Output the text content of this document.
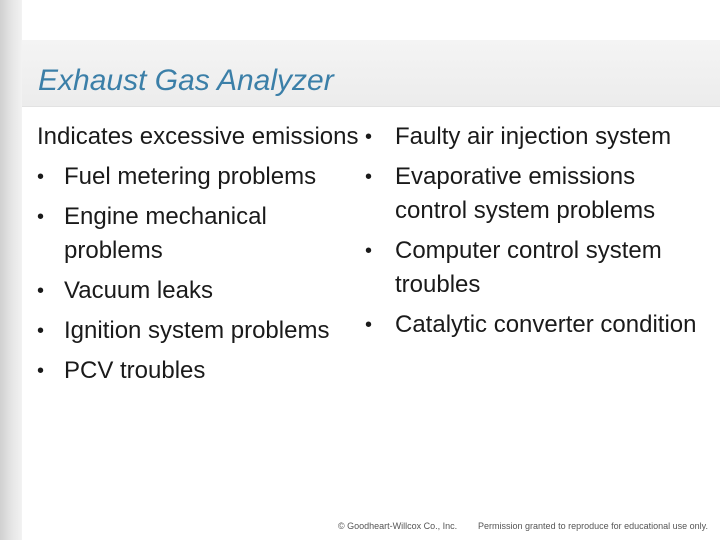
Exhaust Gas Analyzer

Indicates excessive emissions

• Fuel metering problems
• Engine mechanical problems
• Vacuum leaks
• Ignition system problems
• PCV troubles
• Faulty air injection system
• Evaporative emissions control system problems
• Computer control system troubles
• Catalytic converter condition
© Goodheart-Willcox Co., Inc. Permission granted to reproduce for educational use only.
